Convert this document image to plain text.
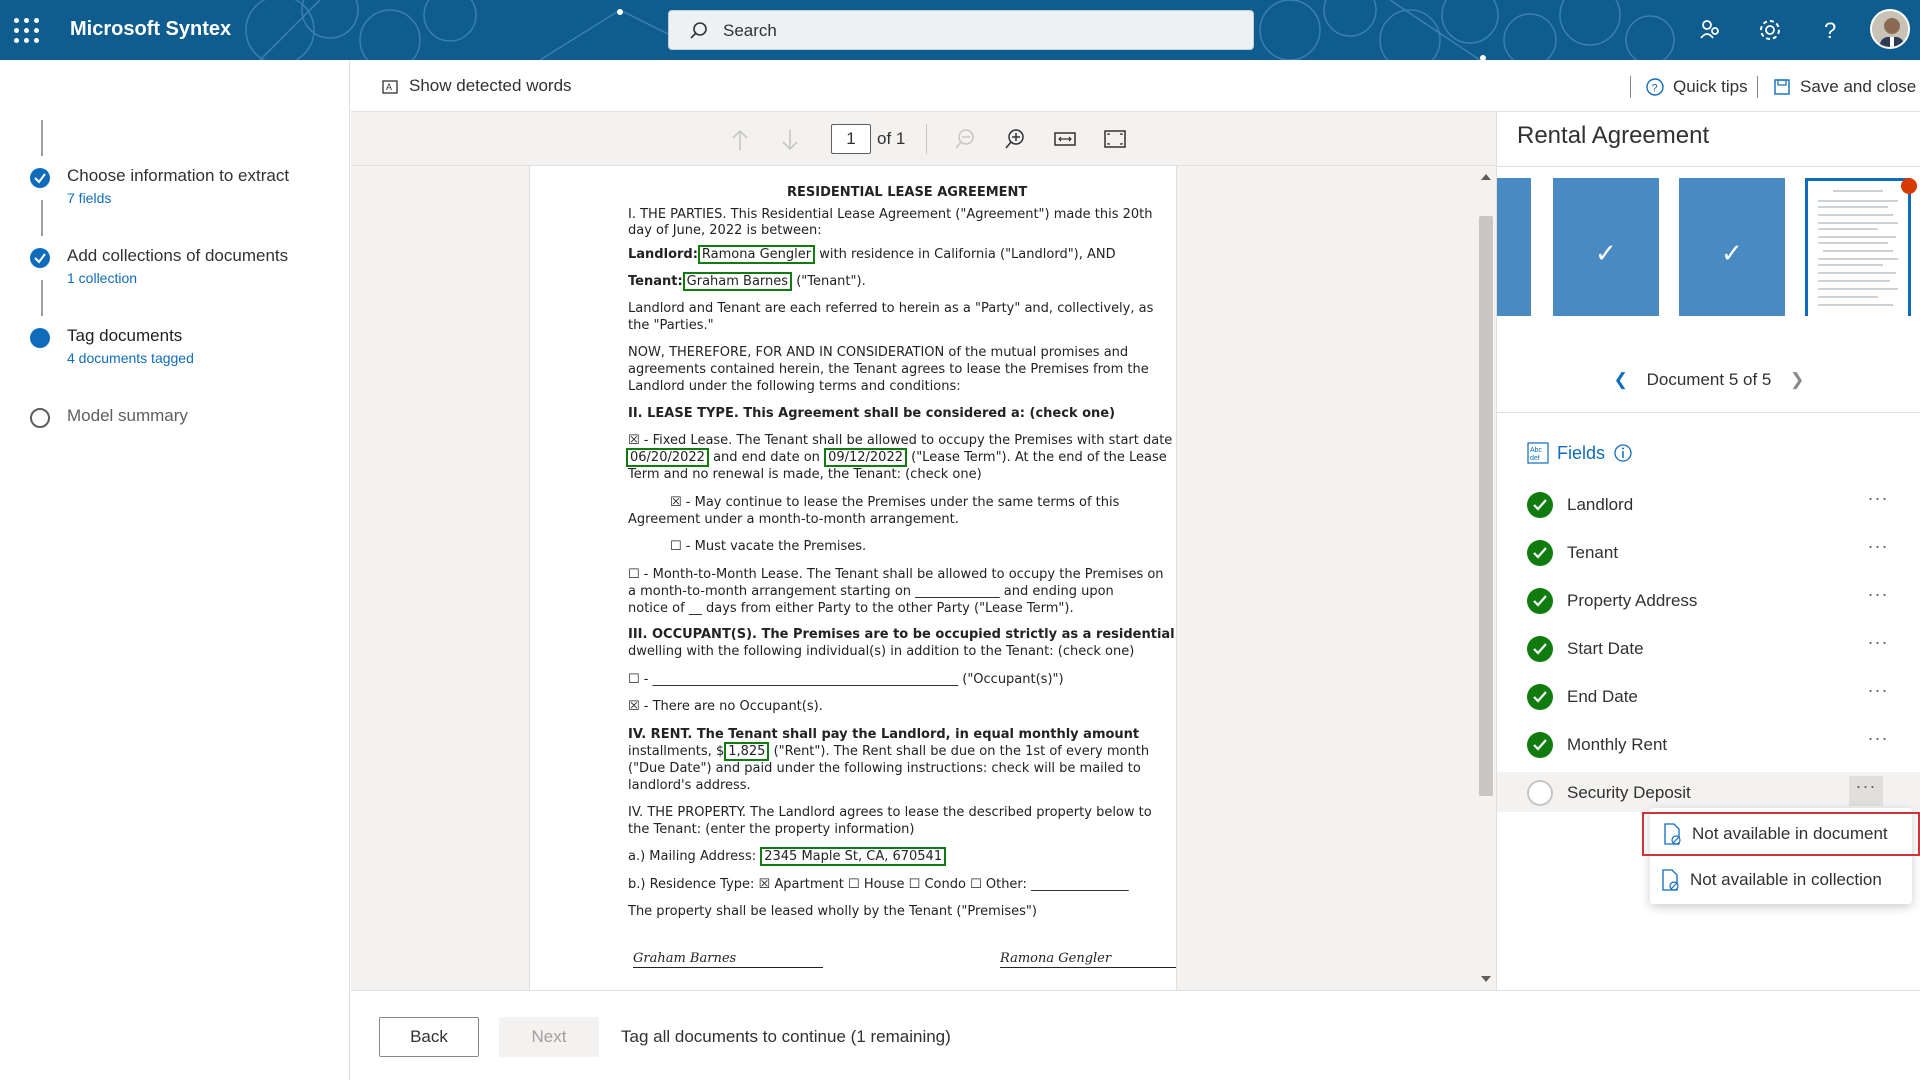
Microsoft Syntex	Search	?
Choose information to extract
7 fields
Add collections of documents
1 collection
Tag documents
4 documents tagged
Model summary
A Show detected words	? Quick tips	Save and close
1	of 1

RESIDENTIAL LEASE AGREEMENT

I. THE PARTIES. This Residential Lease Agreement ("Agreement") made this 20th

day of June, 2022 is between:

Landlord: Ramona Gengler with residence in California ("Landlord"), AND

Tenant: Graham Barnes ("Tenant").

Landlord and Tenant are each referred to herein as a "Party" and, collectively, as

the "Parties."

NOW, THEREFORE, FOR AND IN CONSIDERATION of the mutual promises and

agreements contained herein, the Tenant agrees to lease the Premises from the

Landlord under the following terms and conditions:

II. LEASE TYPE. This Agreement shall be considered a: (check one)

☒ - Fixed Lease. The Tenant shall be allowed to occupy the Premises with start date

06/20/2022 and end date on 09/12/2022 ("Lease Term"). At the end of the Lease

Term and no renewal is made, the Tenant: (check one)

☒ - May continue to lease the Premises under the same terms of this

Agreement under a month-to-month arrangement.

☐ - Must vacate the Premises.

☐ - Month-to-Month Lease. The Tenant shall be allowed to occupy the Premises on

a month-to-month arrangement starting on _____________ and ending upon

notice of __ days from either Party to the other Party ("Lease Term").

III. OCCUPANT(S). The Premises are to be occupied strictly as a residential

dwelling with the following individual(s) in addition to the Tenant: (check one)

☐ - _______________________________________________ ("Occupant(s)")

☒ - There are no Occupant(s).

IV. RENT. The Tenant shall pay the Landlord, in equal monthly amount

installments, $ 1,825 ("Rent"). The Rent shall be due on the 1st of every month

("Due Date") and paid under the following instructions: check will be mailed to

landlord's address.

IV. THE PROPERTY. The Landlord agrees to lease the described property below to

the Tenant: (enter the property information)

a.) Mailing Address: 2345 Maple St, CA, 670541

b.) Residence Type: ☒ Apartment ☐ House ☐ Condo ☐ Other: _______________

The property shall be leased wholly by the Tenant ("Premises")

Graham Barnes	Ramona Gengler

Rental Agreement
✓	✓
❮ Document 5 of 5 ❯
Abc
def Fields
Landlord	···
Tenant	···
Property Address	···
Start Date	···
End Date	···
Monthly Rent	···
Security Deposit	···
Not available in document
Not available in collection
Back	Next	Tag all documents to continue (1 remaining)
